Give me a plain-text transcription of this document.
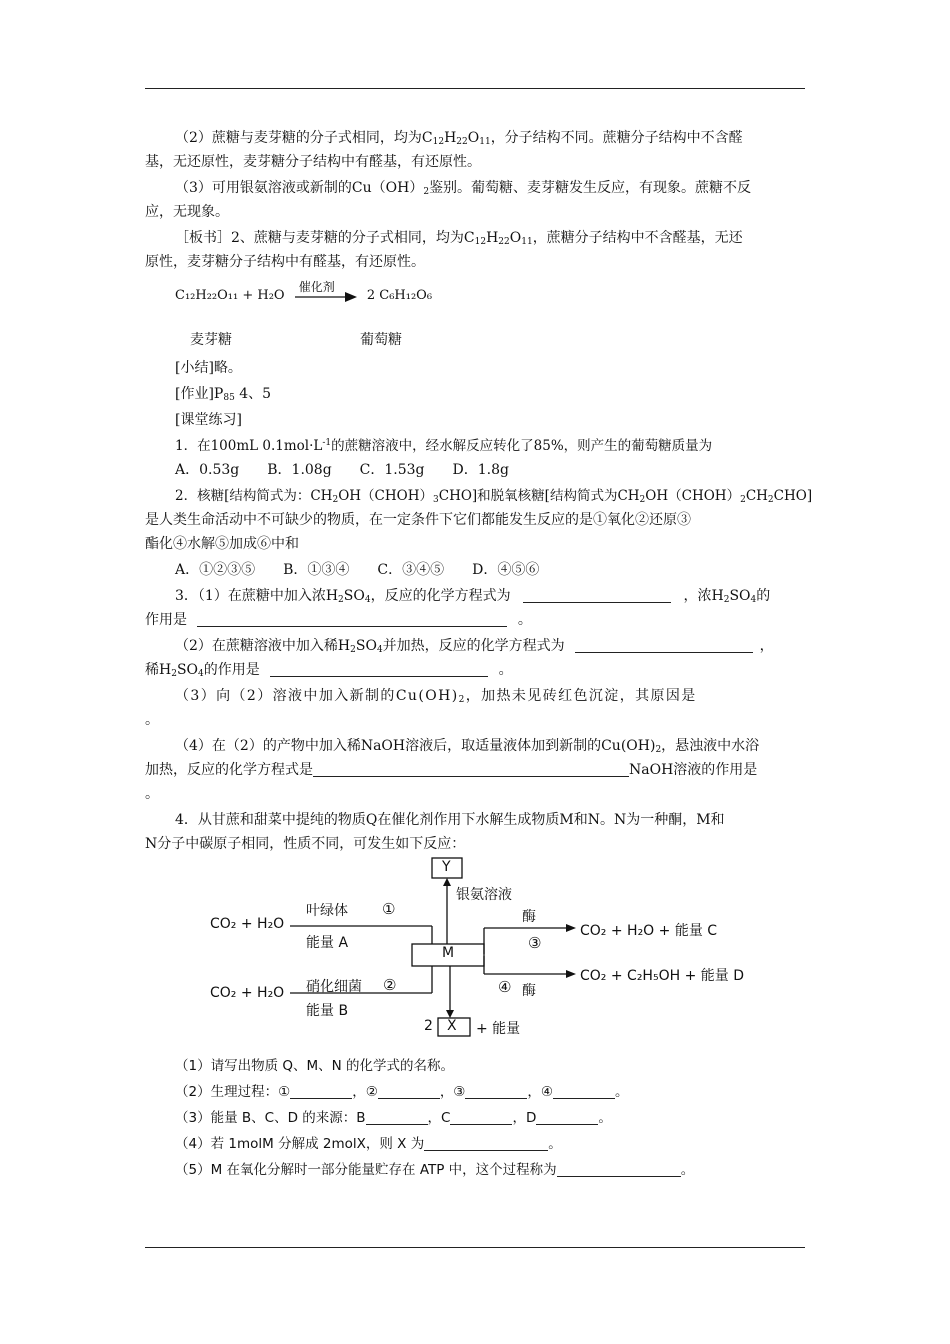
（2）蔗糖与麦芽糖的分子式相同，均为$C_{12}H_{22}O_{11}$，分子结构不同。蔗糖分子结构中不含醛
基，无还原性，麦芽糖分子结构中有醛基，有还原性。
（3）可用银氨溶液或新制的$Cu(OH)_2$鉴别。葡萄糖、麦芽糖发生反应，有现象。蔗糖不反
应，无现象。
［板书］2、蔗糖与麦芽糖的分子式相同，均为$C_{12}H_{22}O_{11}$，蔗糖分子结构中不含醛基，无还
原性，麦芽糖分子结构中有醛基，有还原性。
C₁₂H₂₂O₁₁ + H₂O
催化剂
2 C₆H₁₂O₆
麦芽糖	葡萄糖
[小结]略。
[作业]$P_{85}$ 4、5
[课堂练习]
1．在100mL $0.1mol\cdot L^{-1}$的蔗糖溶液中，经水解反应转化了85%，则产生的葡萄糖质量为
A．0.53g　　B．1.08g　　C．1.53g　　D．1.8g
2．核糖[结构简式为：$CH_2OH(CHOH)_3CHO$]和脱氧核糖[结构简式为$CH_2OH(CHOH)_2CH_2CHO$]
是人类生命活动中不可缺少的物质，在一定条件下它们都能发生反应的是①氧化②还原③
酯化④水解⑤加成⑥中和
A．①②③⑤　　B．①③④　　C．③④⑤　　D．④⑤⑥
3．（1）在蔗糖中加入浓$H_2SO_4$，反应的化学方程式为	，浓$H_2SO_4$的
作用是	。
（2）在蔗糖溶液中加入稀$H_2SO_4$并加热，反应的化学方程式为	，
稀$H_2SO_4$的作用是	。
（3）向（2）溶液中加入新制的$Cu(OH)_2$，加热未见砖红色沉淀，其原因是
。
（4）在（2）的产物中加入稀NaOH溶液后，取适量液体加到新制的$Cu(OH)_2$，悬浊液中水浴
加热，反应的化学方程式是	NaOH溶液的作用是
。
4．从甘蔗和甜菜中提纯的物质Q在催化剂作用下水解生成物质M和N。N为一种酮，M和
N分子中碳原子相同，性质不同，可发生如下反应：
Y
M
X
2	+ 能量
银氨溶液
CO₂ + H₂O
叶绿体 ①
能量 A
CO₂ + H₂O 硝化细菌 ②
能量 B
酶
③
CO₂ + H₂O + 能量 C
④ 酶
CO₂ + C₂H₅OH + 能量 D
（1）请写出物质 Q、M、N 的化学式的名称。
（2）生理过程：①	，②	，③	，④	。
（3）能量 B、C、D 的来源：B	，C	，D	。
（4）若 1molM 分解成 2molX，则 X 为	。
（5）M 在氧化分解时一部分能量贮存在 ATP 中，这个过程称为	。
